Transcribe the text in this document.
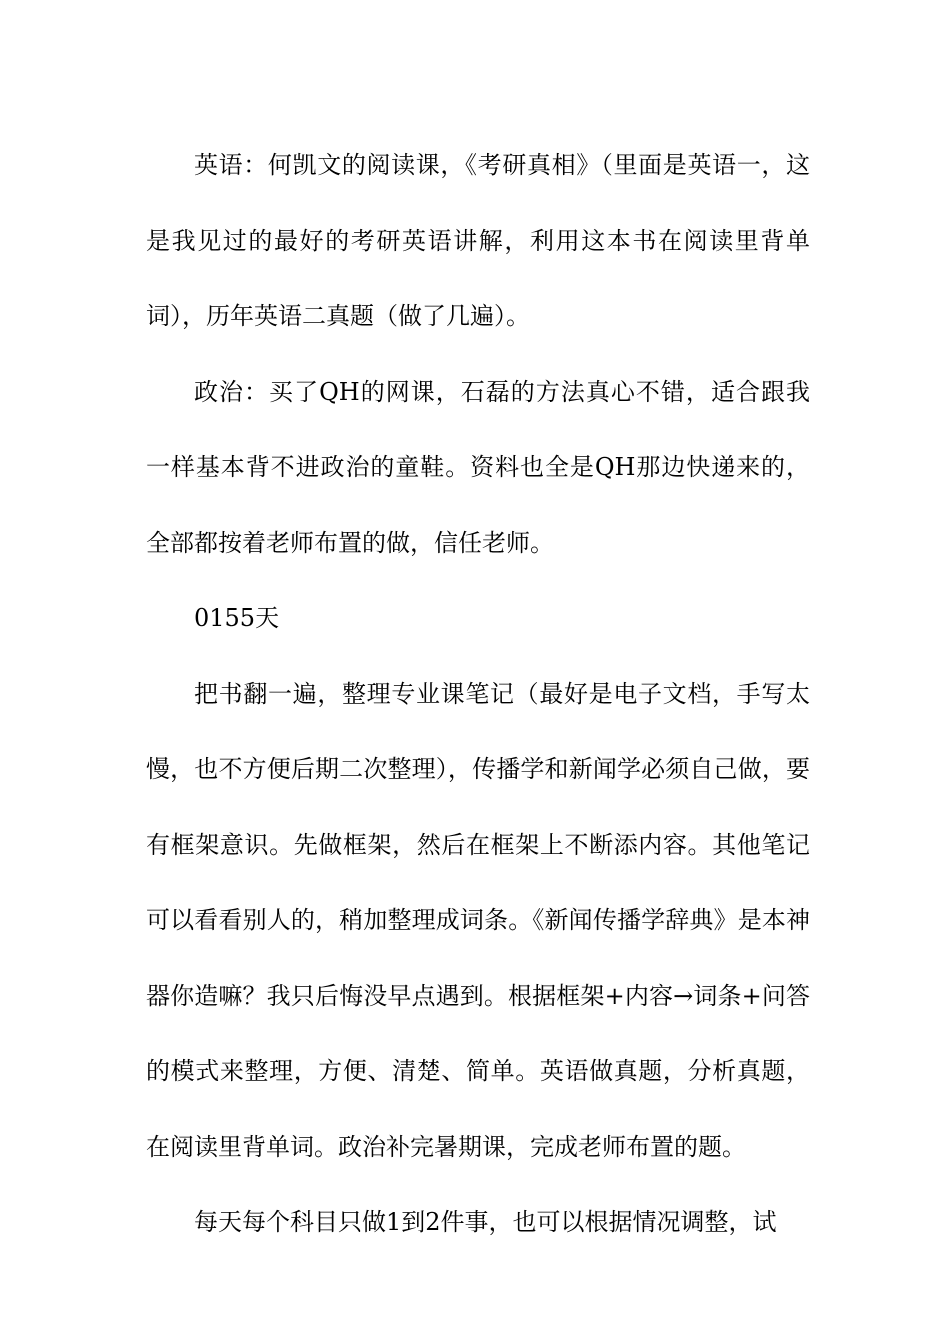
英语：何凯文的阅读课，《考研真相》（里面是英语一，这是我见过的最好的考研英语讲解，利用这本书在阅读里背单词），历年英语二真题（做了几遍）。

政治：买了QH的网课，石磊的方法真心不错，适合跟我一样基本背不进政治的童鞋。资料也全是QH那边快递来的，全部都按着老师布置的做，信任老师。

0155天

把书翻一遍，整理专业课笔记（最好是电子文档，手写太慢，也不方便后期二次整理），传播学和新闻学必须自己做，要有框架意识。先做框架，然后在框架上不断添内容。其他笔记可以看看别人的，稍加整理成词条。《新闻传播学辞典》是本神器你造嘛？我只后悔没早点遇到。根据框架+内容→词条+问答的模式来整理，方便、清楚、简单。英语做真题，分析真题，在阅读里背单词。政治补完暑期课，完成老师布置的题。

每天每个科目只做1到2件事，也可以根据情况调整，试
